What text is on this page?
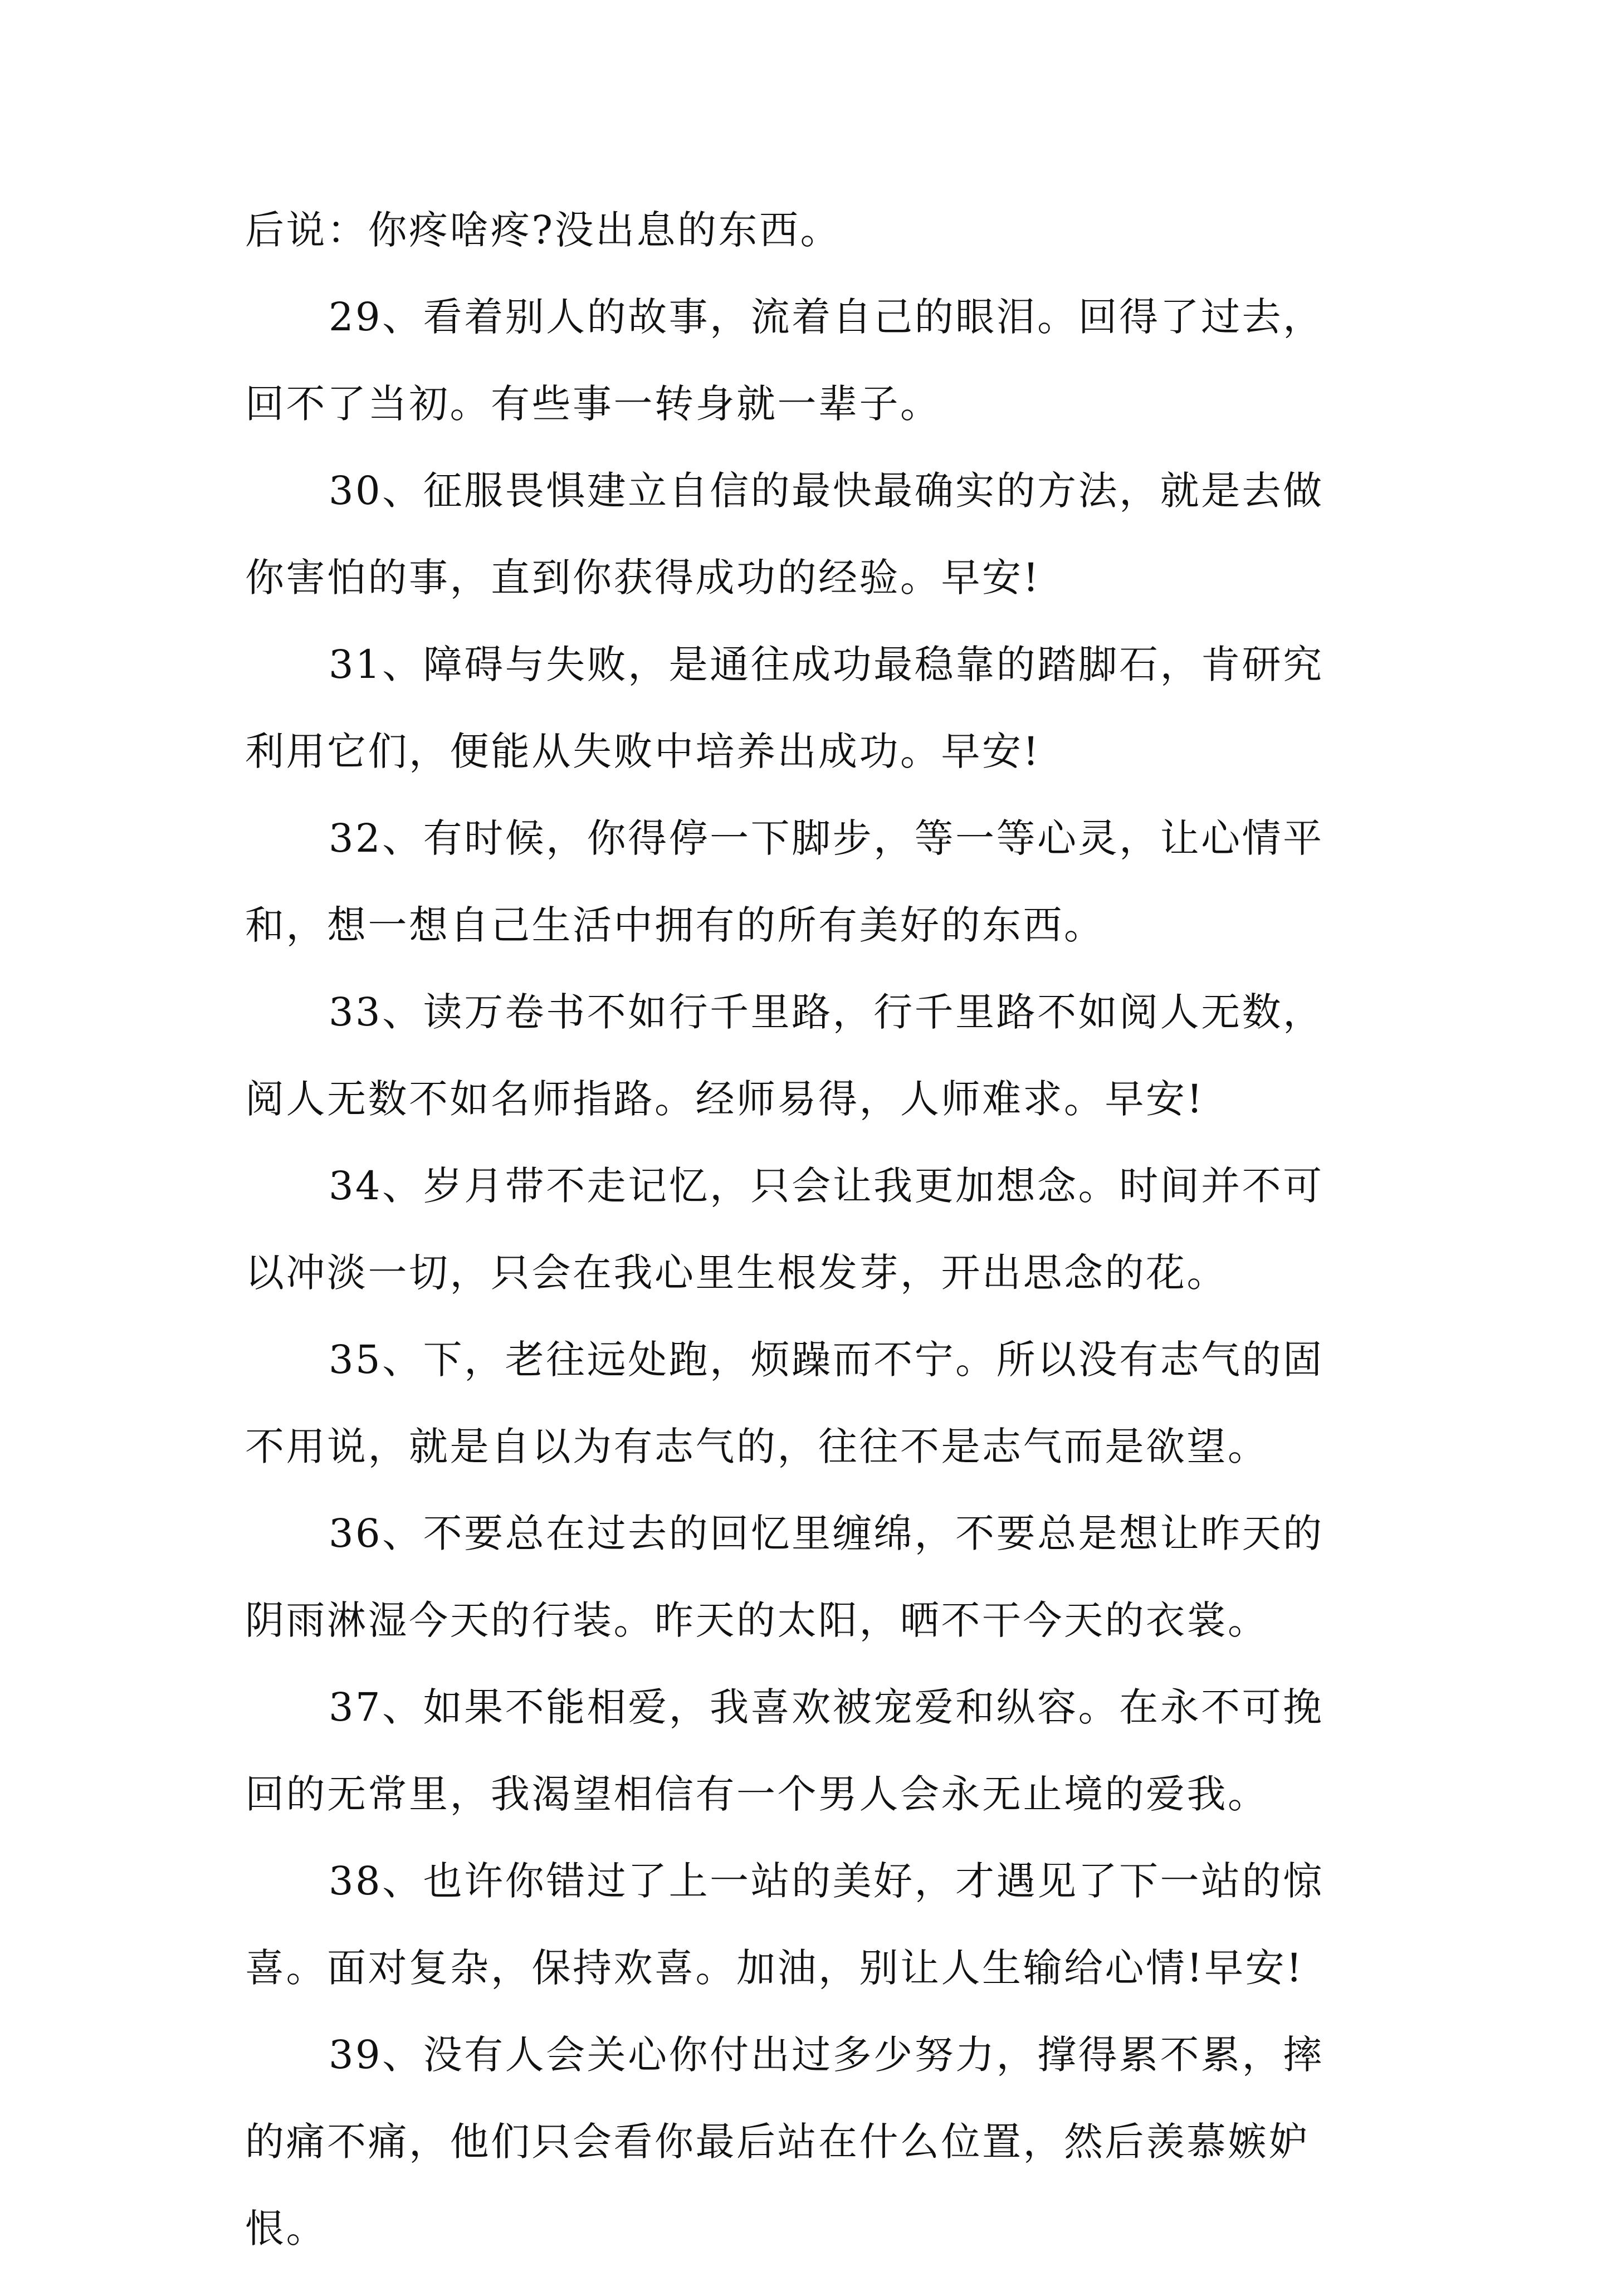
后说：你疼啥疼?没出息的东西。
29、看着别人的故事，流着自己的眼泪。回得了过去，
回不了当初。有些事一转身就一辈子。
30、征服畏惧建立自信的最快最确实的方法，就是去做
你害怕的事，直到你获得成功的经验。早安!
31、障碍与失败，是通往成功最稳靠的踏脚石，肯研究
利用它们，便能从失败中培养出成功。早安!
32、有时候，你得停一下脚步，等一等心灵，让心情平
和，想一想自己生活中拥有的所有美好的东西。
33、读万卷书不如行千里路，行千里路不如阅人无数，
阅人无数不如名师指路。经师易得，人师难求。早安!
34、岁月带不走记忆，只会让我更加想念。时间并不可
以冲淡一切，只会在我心里生根发芽，开出思念的花。
35、下，老往远处跑，烦躁而不宁。所以没有志气的固
不用说，就是自以为有志气的，往往不是志气而是欲望。
36、不要总在过去的回忆里缠绵，不要总是想让昨天的
阴雨淋湿今天的行装。昨天的太阳，晒不干今天的衣裳。
37、如果不能相爱，我喜欢被宠爱和纵容。在永不可挽
回的无常里，我渴望相信有一个男人会永无止境的爱我。
38、也许你错过了上一站的美好，才遇见了下一站的惊
喜。面对复杂，保持欢喜。加油，别让人生输给心情!早安!
39、没有人会关心你付出过多少努力，撑得累不累，摔
的痛不痛，他们只会看你最后站在什么位置，然后羡慕嫉妒
恨。
